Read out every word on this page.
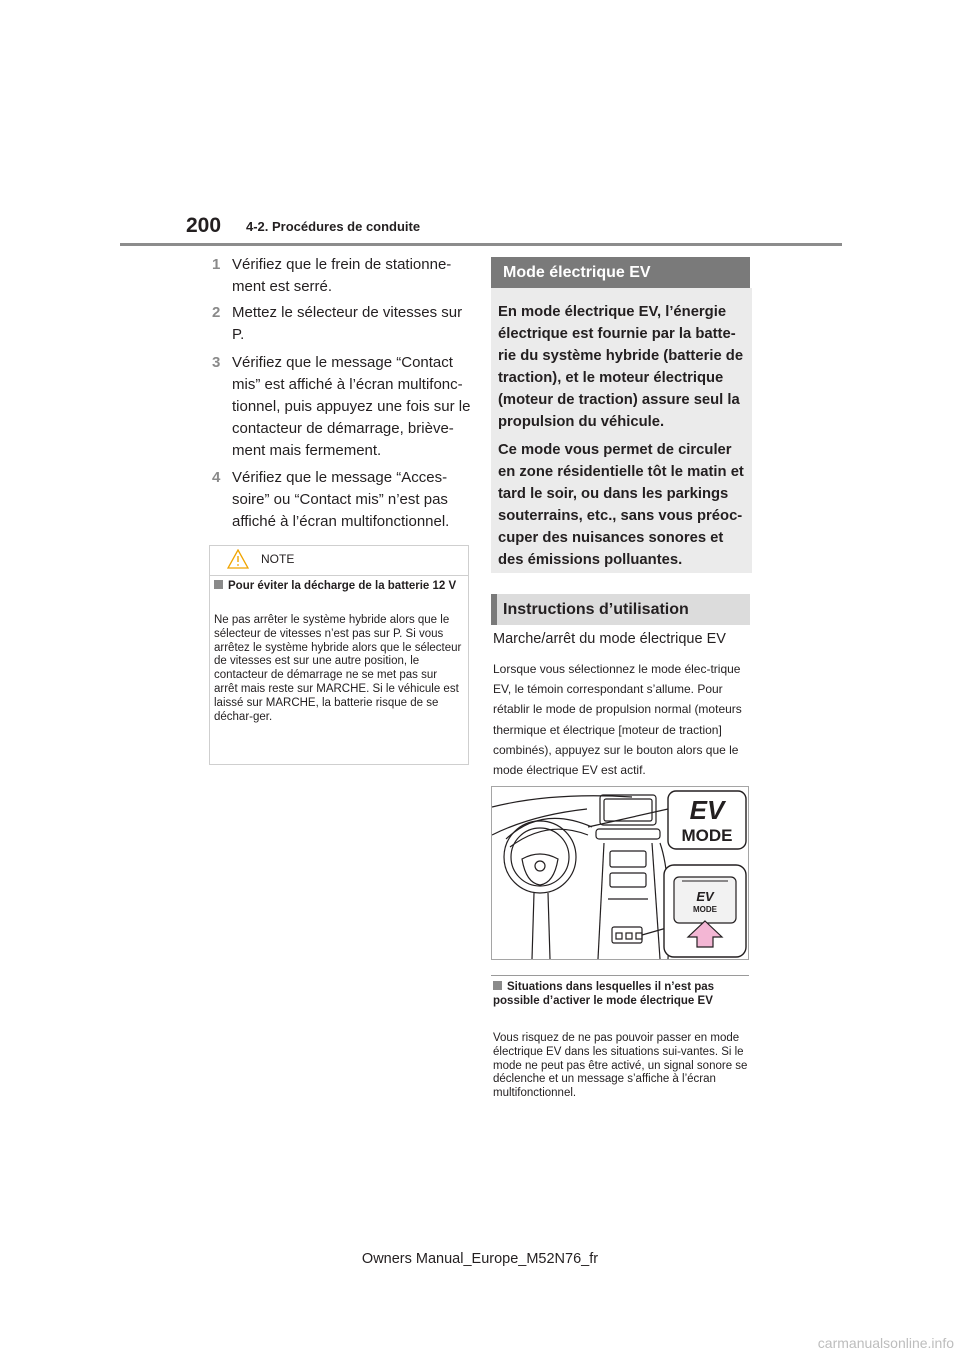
200 4-2. Procédures de conduite
1 Vérifiez que le frein de stationne-ment est serré.
2 Mettez le sélecteur de vitesses sur P.
3 Vérifiez que le message “Contact mis” est affiché à l’écran multifonc-tionnel, puis appuyez une fois sur le contacteur de démarrage, briève-ment mais fermement.
4 Vérifiez que le message “Acces-soire” ou “Contact mis” n’est pas affiché à l’écran multifonctionnel.
NOTE
Pour éviter la décharge de la batterie 12 V
Ne pas arrêter le système hybride alors que le sélecteur de vitesses n’est pas sur P. Si vous arrêtez le système hybride alors que le sélecteur de vitesses est sur une autre position, le contacteur de démarrage ne se met pas sur arrêt mais reste sur MARCHE. Si le véhicule est laissé sur MARCHE, la batterie risque de se déchar-ger.
Mode électrique EV

En mode électrique EV, l’énergie électrique est fournie par la batte-rie du système hybride (batterie de traction), et le moteur électrique (moteur de traction) assure seul la propulsion du véhicule.

Ce mode vous permet de circuler en zone résidentielle tôt le matin et tard le soir, ou dans les parkings souterrains, etc., sans vous préoc-cuper des nuisances sonores et des émissions polluantes.

Instructions d’utilisation
Marche/arrêt du mode électrique EV
Lorsque vous sélectionnez le mode élec-trique EV, le témoin correspondant s’allume. Pour rétablir le mode de propulsion normal (moteurs thermique et électrique [moteur de traction] combinés), appuyez sur le bouton alors que le mode électrique EV est actif.
EV
MODE
EV
MODE
Situations dans lesquelles il n’est pas possible d’activer le mode électrique EV
Vous risquez de ne pas pouvoir passer en mode électrique EV dans les situations sui-vantes. Si le mode ne peut pas être activé, un signal sonore se déclenche et un message s’affiche à l’écran multifonctionnel.
Owners Manual_Europe_M52N76_fr
carmanualsonline.info
